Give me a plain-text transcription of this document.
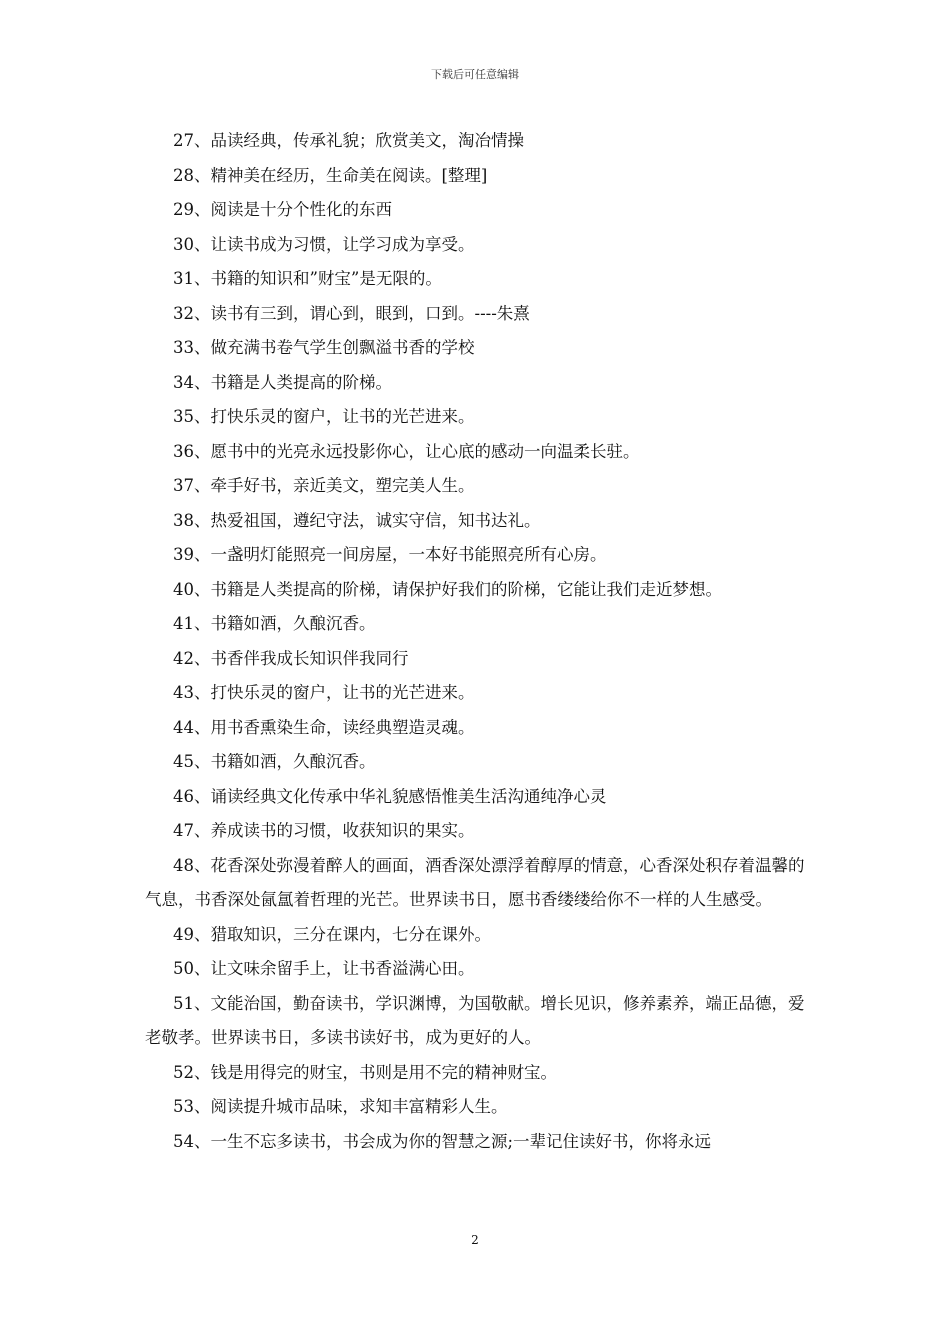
下载后可任意编辑

27、品读经典，传承礼貌；欣赏美文，淘冶情操

28、精神美在经历，生命美在阅读。[整理]

29、阅读是十分个性化的东西

30、让读书成为习惯，让学习成为享受。

31、书籍的知识和”财宝”是无限的。

32、读书有三到，谓心到，眼到，口到。----朱熹

33、做充满书卷气学生创飘溢书香的学校

34、书籍是人类提高的阶梯。

35、打快乐灵的窗户，让书的光芒进来。

36、愿书中的光亮永远投影你心，让心底的感动一向温柔长驻。

37、牵手好书，亲近美文，塑完美人生。

38、热爱祖国，遵纪守法，诚实守信，知书达礼。

39、一盏明灯能照亮一间房屋，一本好书能照亮所有心房。

40、书籍是人类提高的阶梯，请保护好我们的阶梯，它能让我们走近梦想。

41、书籍如酒，久酿沉香。

42、书香伴我成长知识伴我同行

43、打快乐灵的窗户，让书的光芒进来。

44、用书香熏染生命，读经典塑造灵魂。

45、书籍如酒，久酿沉香。

46、诵读经典文化传承中华礼貌感悟惟美生活沟通纯净心灵

47、养成读书的习惯，收获知识的果实。

48、花香深处弥漫着醉人的画面，酒香深处漂浮着醇厚的情意，心香深处积存着温馨的气息，书香深处氤氲着哲理的光芒。世界读书日，愿书香缕缕给你不一样的人生感受。

49、猎取知识，三分在课内，七分在课外。

50、让文味余留手上，让书香溢满心田。

51、文能治国，勤奋读书，学识渊博，为国敬献。增长见识，修养素养，端正品德，爱老敬孝。世界读书日，多读书读好书，成为更好的人。

52、钱是用得完的财宝，书则是用不完的精神财宝。

53、阅读提升城市品味，求知丰富精彩人生。

54、一生不忘多读书，书会成为你的智慧之源;一辈记住读好书，你将永远

2
